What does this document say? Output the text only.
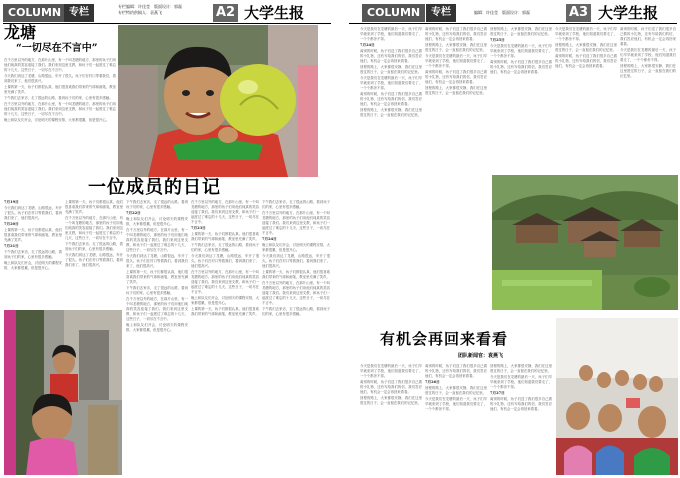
COLUMN 专栏
专栏编辑：许佳莹　版面设计：郭磊
专栏特约供稿人：袁燕飞	A2 大学生报
龙塘
“一切尽在不言中”

在千万里以外的地方，在那片山里，有一个叫龙塘的地方，那里的孩子们用他们纯真的笑容迎接了我们。我们来到这里支教，和孩子们一起度过了难忘的十几天，这些日子，一切尽在不言中。

今天我们到达了龙塘，山路很远，车开了很久。孩子们在村口等着我们，看到我们来了，他们很高兴。

上课的第一天，孩子们都很认真，他们很喜欢我们带来的气球和画笔，教室里充满了笑声。

下午我们去家访，走了很远的山路，看到孩子们的家，心里有很多感触。

在千万里以外的地方，在那片山里，有一个叫龙塘的地方，那里的孩子们用他们纯真的笑容迎接了我们。我们来到这里支教，和孩子们一起度过了难忘的十几天，这些日子，一切尽在不言中。

晚上和队友们开会，讨论明天的课程安排，大家都很累，但是很开心。

一位成员的日记

7月19日

今天我们到达了龙塘，山路很远，车开了很久。孩子们在村口等着我们，看到我们来了，他们很高兴。

7月20日

上课的第一天，孩子们都很认真，他们很喜欢我们带来的气球和画笔，教室里充满了笑声。

7月21日

下午我们去家访，走了很远的山路，看到孩子们的家，心里有很多感触。

晚上和队友们开会，讨论明天的课程安排，大家都很累，但是很开心。

上课的第一天，孩子们都很认真，他们很喜欢我们带来的气球和画笔，教室里充满了笑声。

在千万里以外的地方，在那片山里，有一个叫龙塘的地方，那里的孩子们用他们纯真的笑容迎接了我们。我们来到这里支教，和孩子们一起度过了难忘的十几天，这些日子，一切尽在不言中。

下午我们去家访，走了很远的山路，看到孩子们的家，心里有很多感触。

今天我们到达了龙塘，山路很远，车开了很久。孩子们在村口等着我们，看到我们来了，他们很高兴。

下午我们去家访，走了很远的山路，看到孩子们的家，心里有很多感触。

7月22日

晚上和队友们开会，讨论明天的课程安排，大家都很累，但是很开心。

在千万里以外的地方，在那片山里，有一个叫龙塘的地方，那里的孩子们用他们纯真的笑容迎接了我们。我们来到这里支教，和孩子们一起度过了难忘的十几天，这些日子，一切尽在不言中。

今天我们到达了龙塘，山路很远，车开了很久。孩子们在村口等着我们，看到我们来了，他们很高兴。

上课的第一天，孩子们都很认真，他们很喜欢我们带来的气球和画笔，教室里充满了笑声。

下午我们去家访，走了很远的山路，看到孩子们的家，心里有很多感触。

在千万里以外的地方，在那片山里，有一个叫龙塘的地方，那里的孩子们用他们纯真的笑容迎接了我们。我们来到这里支教，和孩子们一起度过了难忘的十几天，这些日子，一切尽在不言中。

晚上和队友们开会，讨论明天的课程安排，大家都很累，但是很开心。

在千万里以外的地方，在那片山里，有一个叫龙塘的地方，那里的孩子们用他们纯真的笑容迎接了我们。我们来到这里支教，和孩子们一起度过了难忘的十几天，这些日子，一切尽在不言中。

7月23日

上课的第一天，孩子们都很认真，他们很喜欢我们带来的气球和画笔，教室里充满了笑声。

下午我们去家访，走了很远的山路，看到孩子们的家，心里有很多感触。

今天我们到达了龙塘，山路很远，车开了很久。孩子们在村口等着我们，看到我们来了，他们很高兴。

在千万里以外的地方，在那片山里，有一个叫龙塘的地方，那里的孩子们用他们纯真的笑容迎接了我们。我们来到这里支教，和孩子们一起度过了难忘的十几天，这些日子，一切尽在不言中。

晚上和队友们开会，讨论明天的课程安排，大家都很累，但是很开心。

上课的第一天，孩子们都很认真，他们很喜欢我们带来的气球和画笔，教室里充满了笑声。

下午我们去家访，走了很远的山路，看到孩子们的家，心里有很多感触。

在千万里以外的地方，在那片山里，有一个叫龙塘的地方，那里的孩子们用他们纯真的笑容迎接了我们。我们来到这里支教，和孩子们一起度过了难忘的十几天，这些日子，一切尽在不言中。

7月24日

晚上和队友们开会，讨论明天的课程安排，大家都很累，但是很开心。

今天我们到达了龙塘，山路很远，车开了很久。孩子们在村口等着我们，看到我们来了，他们很高兴。

上课的第一天，孩子们都很认真，他们很喜欢我们带来的气球和画笔，教室里充满了笑声。

在千万里以外的地方，在那片山里，有一个叫龙塘的地方，那里的孩子们用他们纯真的笑容迎接了我们。我们来到这里支教，和孩子们一起度过了难忘的十几天，这些日子，一切尽在不言中。

下午我们去家访，走了很远的山路，看到孩子们的家，心里有很多感触。

COLUMN	专栏	编辑：许佳莹　版面设计：郭磊	A3 大学生报

今天是我们在龙塘的最后一天，孩子们早早就来到了学校，他们知道我们要走了，一个个都舍不得。

7月24日

离别的时候，孩子们送了我们很多自己做的小礼物，还有写给我们的信，我们答应他们，有机会一定会再回来看看。

回程的路上，大家都很安静，我们在这里度过的日子，会一直留在我们的记忆里。

今天是我们在龙塘的最后一天，孩子们早早就来到了学校，他们知道我们要走了，一个个都舍不得。

离别的时候，孩子们送了我们很多自己做的小礼物，还有写给我们的信，我们答应他们，有机会一定会再回来看看。

回程的路上，大家都很安静，我们在这里度过的日子，会一直留在我们的记忆里。

离别的时候，孩子们送了我们很多自己做的小礼物，还有写给我们的信，我们答应他们，有机会一定会再回来看看。

回程的路上，大家都很安静，我们在这里度过的日子，会一直留在我们的记忆里。

今天是我们在龙塘的最后一天，孩子们早早就来到了学校，他们知道我们要走了，一个个都舍不得。

离别的时候，孩子们送了我们很多自己做的小礼物，还有写给我们的信，我们答应他们，有机会一定会再回来看看。

回程的路上，大家都很安静，我们在这里度过的日子，会一直留在我们的记忆里。

回程的路上，大家都很安静，我们在这里度过的日子，会一直留在我们的记忆里。

7月25日

今天是我们在龙塘的最后一天，孩子们早早就来到了学校，他们知道我们要走了，一个个都舍不得。

离别的时候，孩子们送了我们很多自己做的小礼物，还有写给我们的信，我们答应他们，有机会一定会再回来看看。

今天是我们在龙塘的最后一天，孩子们早早就来到了学校，他们知道我们要走了，一个个都舍不得。

回程的路上，大家都很安静，我们在这里度过的日子，会一直留在我们的记忆里。

离别的时候，孩子们送了我们很多自己做的小礼物，还有写给我们的信，我们答应他们，有机会一定会再回来看看。

离别的时候，孩子们送了我们很多自己做的小礼物，还有写给我们的信，我们答应他们，有机会一定会再回来看看。

今天是我们在龙塘的最后一天，孩子们早早就来到了学校，他们知道我们要走了，一个个都舍不得。

回程的路上，大家都很安静，我们在这里度过的日子，会一直留在我们的记忆里。

有机会再回来看看
团队新闻官：袁燕飞

今天是我们在龙塘的最后一天，孩子们早早就来到了学校，他们知道我们要走了，一个个都舍不得。

离别的时候，孩子们送了我们很多自己做的小礼物，还有写给我们的信，我们答应他们，有机会一定会再回来看看。

回程的路上，大家都很安静，我们在这里度过的日子，会一直留在我们的记忆里。

离别的时候，孩子们送了我们很多自己做的小礼物，还有写给我们的信，我们答应他们，有机会一定会再回来看看。

7月26日

回程的路上，大家都很安静，我们在这里度过的日子，会一直留在我们的记忆里。

今天是我们在龙塘的最后一天，孩子们早早就来到了学校，他们知道我们要走了，一个个都舍不得。

回程的路上，大家都很安静，我们在这里度过的日子，会一直留在我们的记忆里。

今天是我们在龙塘的最后一天，孩子们早早就来到了学校，他们知道我们要走了，一个个都舍不得。

7月27日

离别的时候，孩子们送了我们很多自己做的小礼物，还有写给我们的信，我们答应他们，有机会一定会再回来看看。
